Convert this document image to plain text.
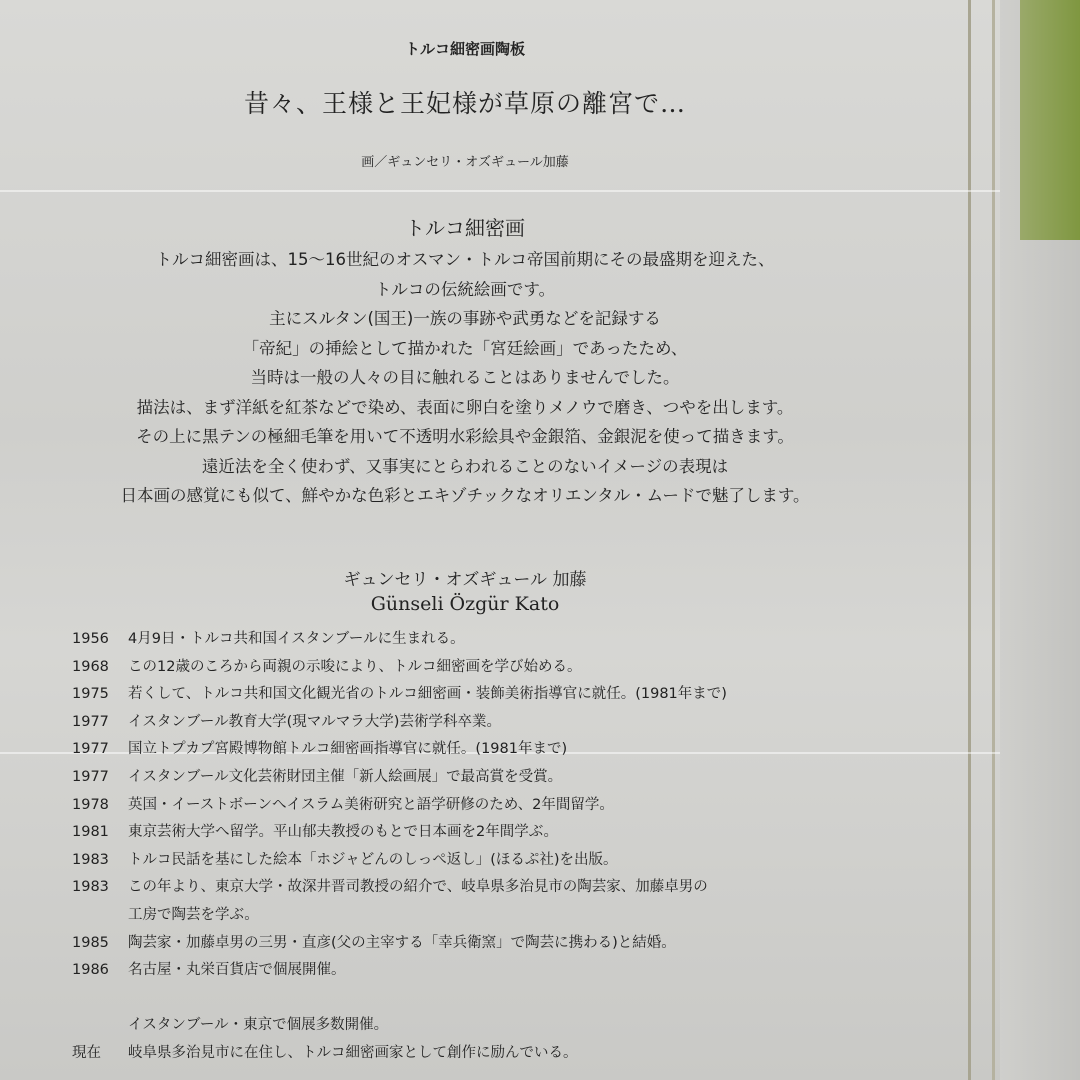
トルコ細密画陶板
昔々、王様と王妃様が草原の離宮で…
画／ギュンセリ・オズギュール加藤
トルコ細密画
トルコ細密画は、15～16世紀のオスマン・トルコ帝国前期にその最盛期を迎えた、
トルコの伝統絵画です。
主にスルタン(国王)一族の事跡や武勇などを記録する
「帝紀」の挿絵として描かれた「宮廷絵画」であったため、
当時は一般の人々の目に触れることはありませんでした。
描法は、まず洋紙を紅茶などで染め、表面に卵白を塗りメノウで磨き、つやを出します。
その上に黒テンの極細毛筆を用いて不透明水彩絵具や金銀箔、金銀泥を使って描きます。
遠近法を全く使わず、又事実にとらわれることのないイメージの表現は
日本画の感覚にも似て、鮮やかな色彩とエキゾチックなオリエンタル・ムードで魅了します。
ギュンセリ・オズギュール 加藤
Günseli Özgür Kato
1956	4月9日・トルコ共和国イスタンブールに生まれる。
1968	この12歳のころから両親の示唆により、トルコ細密画を学び始める。
1975	若くして、トルコ共和国文化観光省のトルコ細密画・装飾美術指導官に就任。(1981年まで)
1977	イスタンブール教育大学(現マルマラ大学)芸術学科卒業。
1977	国立トプカプ宮殿博物館トルコ細密画指導官に就任。(1981年まで)
1977	イスタンブール文化芸術財団主催「新人絵画展」で最高賞を受賞。
1978	英国・イーストボーンへイスラム美術研究と語学研修のため、2年間留学。
1981	東京芸術大学へ留学。平山郁夫教授のもとで日本画を2年間学ぶ。
1983	トルコ民話を基にした絵本「ホジャどんのしっぺ返し」(ほるぷ社)を出版。
1983	この年より、東京大学・故深井晋司教授の紹介で、岐阜県多治見市の陶芸家、加藤卓男の
工房で陶芸を学ぶ。
1985	陶芸家・加藤卓男の三男・直彦(父の主宰する「幸兵衛窯」で陶芸に携わる)と結婚。
1986	名古屋・丸栄百貨店で個展開催。
イスタンブール・東京で個展多数開催。
現在	岐阜県多治見市に在住し、トルコ細密画家として創作に励んでいる。
